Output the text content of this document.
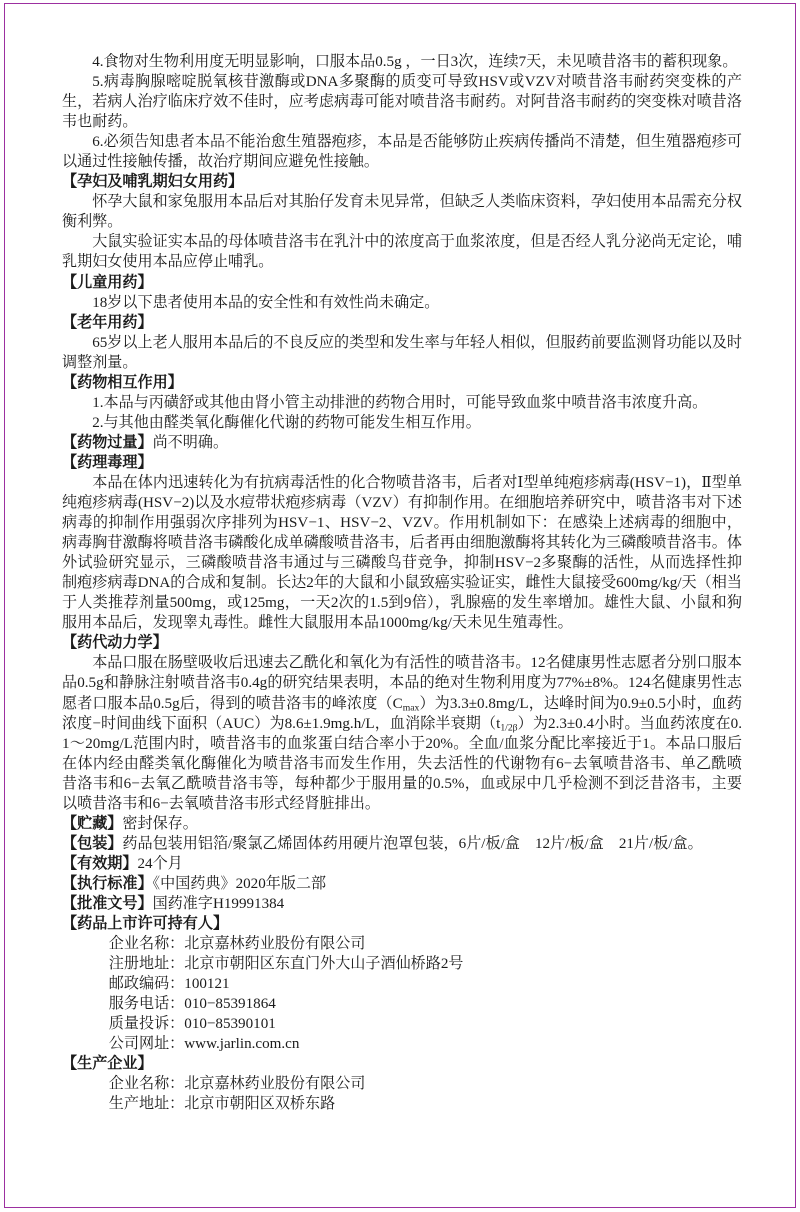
4.食物对生物利用度无明显影响，口服本品0.5g ，一日3次，连续7天，未见喷昔洛韦的蓄积现象。

5.病毒胸腺嘧啶脱氧核苷激酶或DNA多聚酶的质变可导致HSV或VZV对喷昔洛韦耐药突变株的产生，若病人治疗临床疗效不佳时，应考虑病毒可能对喷昔洛韦耐药。对阿昔洛韦耐药的突变株对喷昔洛韦也耐药。

6.必须告知患者本品不能治愈生殖器疱疹，本品是否能够防止疾病传播尚不清楚，但生殖器疱疹可以通过性接触传播，故治疗期间应避免性接触。

【孕妇及哺乳期妇女用药】

怀孕大鼠和家兔服用本品后对其胎仔发育未见异常，但缺乏人类临床资料，孕妇使用本品需充分权衡利弊。

大鼠实验证实本品的母体喷昔洛韦在乳汁中的浓度高于血浆浓度，但是否经人乳分泌尚无定论，哺乳期妇女使用本品应停止哺乳。

【儿童用药】

18岁以下患者使用本品的安全性和有效性尚未确定。

【老年用药】

65岁以上老人服用本品后的不良反应的类型和发生率与年轻人相似，但服药前要监测肾功能以及时调整剂量。

【药物相互作用】

1.本品与丙磺舒或其他由肾小管主动排泄的药物合用时，可能导致血浆中喷昔洛韦浓度升高。

2.与其他由醛类氧化酶催化代谢的药物可能发生相互作用。

【药物过量】尚不明确。

【药理毒理】

本品在体内迅速转化为有抗病毒活性的化合物喷昔洛韦，后者对Ⅰ型单纯疱疹病毒(HSV−1)，Ⅱ型单纯疱疹病毒(HSV−2)以及水痘带状疱疹病毒（VZV）有抑制作用。在细胞培养研究中，喷昔洛韦对下述病毒的抑制作用强弱次序排列为HSV−1、HSV−2、VZV。作用机制如下：在感染上述病毒的细胞中，病毒胸苷激酶将喷昔洛韦磷酸化成单磷酸喷昔洛韦，后者再由细胞激酶将其转化为三磷酸喷昔洛韦。体外试验研究显示，三磷酸喷昔洛韦通过与三磷酸鸟苷竞争，抑制HSV−2多聚酶的活性，从而选择性抑制疱疹病毒DNA的合成和复制。长达2年的大鼠和小鼠致癌实验证实，雌性大鼠接受600mg/kg/天（相当于人类推荐剂量500mg，或125mg，一天2次的1.5到9倍），乳腺癌的发生率增加。雄性大鼠、小鼠和狗服用本品后，发现睾丸毒性。雌性大鼠服用本品1000mg/kg/天未见生殖毒性。

【药代动力学】

本品口服在肠壁吸收后迅速去乙酰化和氧化为有活性的喷昔洛韦。12名健康男性志愿者分别口服本品0.5g和静脉注射喷昔洛韦0.4g的研究结果表明，本品的绝对生物利用度为77%±8%。124名健康男性志愿者口服本品0.5g后，得到的喷昔洛韦的峰浓度$(C_{max})$为3.3±0.8mg/L，达峰时间为0.9±0.5小时，血药浓度−时间曲线下面积（AUC）为8.6±1.9mg.h/L，血消除半衰期$(t_{1/2\beta})$为2.3±0.4小时。当血药浓度在0.1～20mg/L范围内时，喷昔洛韦的血浆蛋白结合率小于20%。全血/血浆分配比率接近于1。本品口服后在体内经由醛类氧化酶催化为喷昔洛韦而发生作用，失去活性的代谢物有6−去氧喷昔洛韦、单乙酰喷昔洛韦和6−去氧乙酰喷昔洛韦等，每种都少于服用量的0.5%，血或尿中几乎检测不到泛昔洛韦，主要以喷昔洛韦和6−去氧喷昔洛韦形式经肾脏排出。

【贮藏】密封保存。

【包装】药品包装用铝箔/聚氯乙烯固体药用硬片泡罩包装，6片/板/盒　12片/板/盒　21片/板/盒。

【有效期】24个月

【执行标准】《中国药典》2020年版二部

【批准文号】国药准字H19991384

【药品上市许可持有人】

企业名称：北京嘉林药业股份有限公司

注册地址：北京市朝阳区东直门外大山子酒仙桥路2号

邮政编码：100121

服务电话：010−85391864

质量投诉：010−85390101

公司网址：www.jarlin.com.cn

【生产企业】

企业名称：北京嘉林药业股份有限公司

生产地址：北京市朝阳区双桥东路
